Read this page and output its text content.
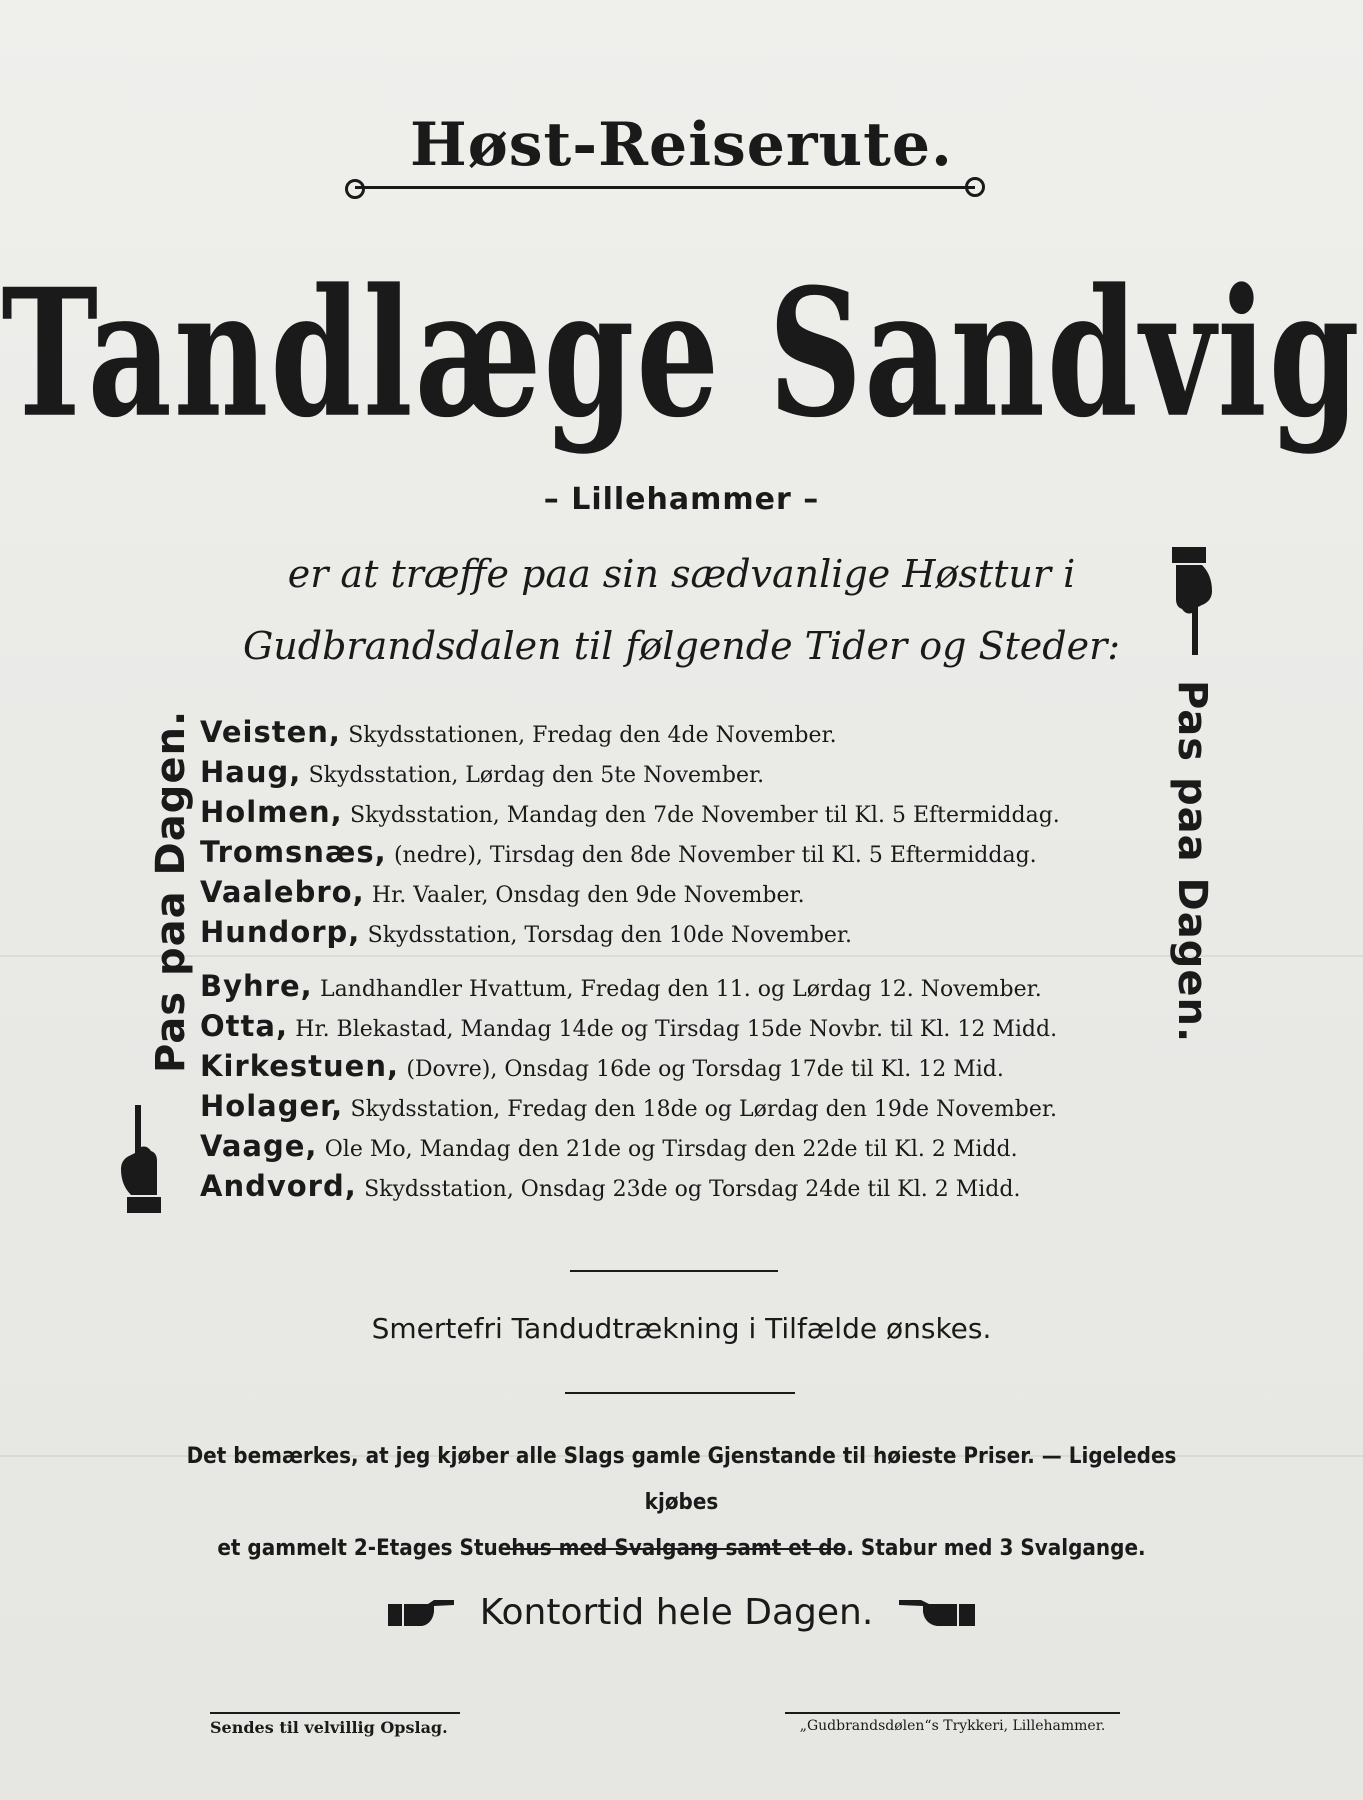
Høst-Reiserute.
Tandlæge Sandvig
– Lillehammer –
er at træffe paa sin sædvanlige Høsttur i
Gudbrandsdalen til følgende Tider og Steder:
Pas paa Dagen.	Pas paa Dagen.
Veisten, Skydsstationen, Fredag den 4de November.
Haug, Skydsstation, Lørdag den 5te November.
Holmen, Skydsstation, Mandag den 7de November til Kl. 5 Eftermiddag.
Tromsnæs, (nedre), Tirsdag den 8de November til Kl. 5 Eftermiddag.
Vaalebro, Hr. Vaaler, Onsdag den 9de November.
Hundorp, Skydsstation, Torsdag den 10de November.
Byhre, Landhandler Hvattum, Fredag den 11. og Lørdag 12. November.
Otta, Hr. Blekastad, Mandag 14de og Tirsdag 15de Novbr. til Kl. 12 Midd.
Kirkestuen, (Dovre), Onsdag 16de og Torsdag 17de til Kl. 12 Mid.
Holager, Skydsstation, Fredag den 18de og Lørdag den 19de November.
Vaage, Ole Mo, Mandag den 21de og Tirsdag den 22de til Kl. 2 Midd.
Andvord, Skydsstation, Onsdag 23de og Torsdag 24de til Kl. 2 Midd.
Smertefri Tandudtrækning i Tilfælde ønskes.
Det bemærkes, at jeg kjøber alle Slags gamle Gjenstande til høieste Priser. — Ligeledes kjøbes
et gammelt 2-Etages Stuehus med Svalgang samt et do. Stabur med 3 Svalgange.
Kontortid hele Dagen.
Sendes til velvillig Opslag.	„Gudbrandsdølen“s Trykkeri, Lillehammer.
